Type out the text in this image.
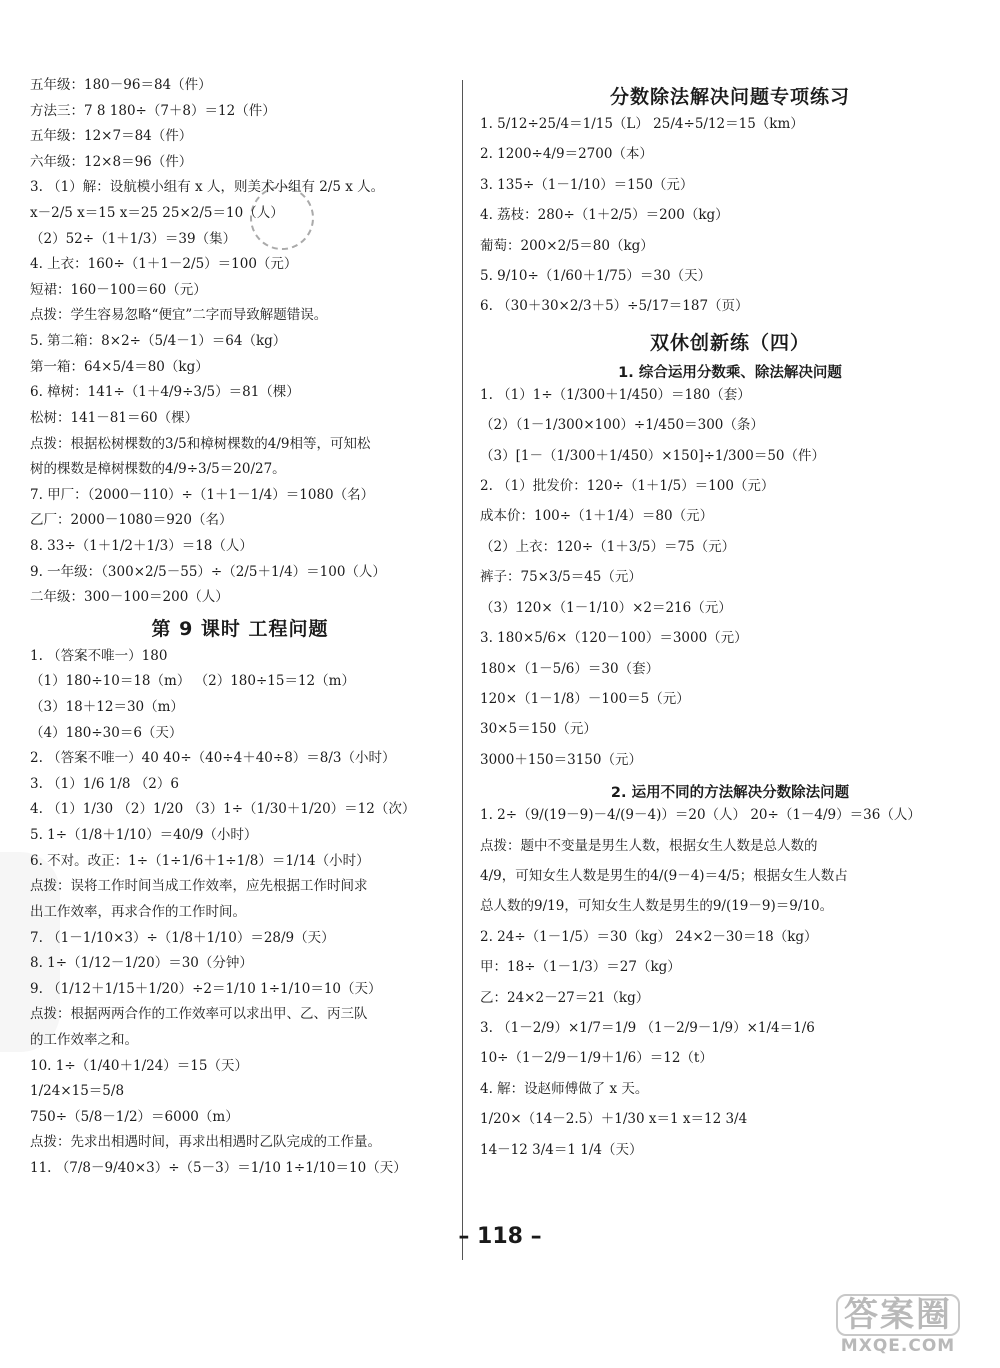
五年级：180－96＝84（件）
方法三：7 8 180÷（7＋8）＝12（件）
五年级：12×7＝84（件）
六年级：12×8＝96（件）
3. （1）解：设航模小组有 x 人，则美术小组有 2/5 x 人。
x－2/5 x＝15 x＝25 25×2/5＝10（人）
（2）52÷（1＋1/3）＝39（集）
4. 上衣：160÷（1＋1－2/5）＝100（元）
短裙：160－100＝60（元）
点拨：学生容易忽略“便宜”二字而导致解题错误。
5. 第二箱：8×2÷（5/4－1）＝64（kg）
第一箱：64×5/4＝80（kg）
6. 樟树：141÷（1＋4/9÷3/5）＝81（棵）
松树：141－81＝60（棵）
点拨：根据松树棵数的3/5和樟树棵数的4/9相等，可知松
树的棵数是樟树棵数的4/9÷3/5＝20/27。
7. 甲厂：（2000－110）÷（1＋1－1/4）＝1080（名）
乙厂：2000－1080＝920（名）
8. 33÷（1＋1/2＋1/3）＝18（人）
9. 一年级：（300×2/5－55）÷（2/5＋1/4）＝100（人）
二年级：300－100＝200（人）
第 9 课时 工程问题
1. （答案不唯一）180
（1）180÷10＝18（m） （2）180÷15＝12（m）
（3）18＋12＝30（m）
（4）180÷30＝6（天）
2. （答案不唯一）40 40÷（40÷4＋40÷8）＝8/3（小时）
3. （1）1/6 1/8 （2）6
4. （1）1/30 （2）1/20 （3）1÷（1/30＋1/20）＝12（次）
5. 1÷（1/8＋1/10）＝40/9（小时）
6. 不对。改正：1÷（1÷1/6＋1÷1/8）＝1/14（小时）
点拨：误将工作时间当成工作效率，应先根据工作时间求
出工作效率，再求合作的工作时间。
7. （1－1/10×3）÷（1/8＋1/10）＝28/9（天）
8. 1÷（1/12－1/20）＝30（分钟）
9. （1/12＋1/15＋1/20）÷2＝1/10 1÷1/10＝10（天）
点拨：根据两两合作的工作效率可以求出甲、乙、丙三队
的工作效率之和。
10. 1÷（1/40＋1/24）＝15（天）
1/24×15＝5/8
750÷（5/8－1/2）＝6000（m）
点拨：先求出相遇时间，再求出相遇时乙队完成的工作量。
11. （7/8－9/40×3）÷（5－3）＝1/10 1÷1/10＝10（天）
分数除法解决问题专项练习
1. 5/12÷25/4＝1/15（L） 25/4÷5/12＝15（km）
2. 1200÷4/9＝2700（本）
3. 135÷（1－1/10）＝150（元）
4. 荔枝：280÷（1＋2/5）＝200（kg）
葡萄：200×2/5＝80（kg）
5. 9/10÷（1/60＋1/75）＝30（天）
6. （30＋30×2/3＋5）÷5/17＝187（页）
双休创新练（四）
1. 综合运用分数乘、除法解决问题
1. （1）1÷（1/300＋1/450）＝180（套）
（2）（1－1/300×100）÷1/450＝300（条）
（3）[1－（1/300＋1/450）×150]÷1/300＝50（件）
2. （1）批发价：120÷（1＋1/5）＝100（元）
成本价：100÷（1＋1/4）＝80（元）
（2）上衣：120÷（1＋3/5）＝75（元）
裤子：75×3/5＝45（元）
（3）120×（1－1/10）×2＝216（元）
3. 180×5/6×（120－100）＝3000（元）
180×（1－5/6）＝30（套）
120×（1－1/8）－100＝5（元）
30×5＝150（元）
3000＋150＝3150（元）
2. 运用不同的方法解决分数除法问题
1. 2÷（9/(19－9)－4/(9－4)）＝20（人） 20÷（1－4/9）＝36（人）
点拨：题中不变量是男生人数，根据女生人数是总人数的
4/9，可知女生人数是男生的4/(9－4)＝4/5；根据女生人数占
总人数的9/19，可知女生人数是男生的9/(19－9)＝9/10。
2. 24÷（1－1/5）＝30（kg） 24×2－30＝18（kg）
甲：18÷（1－1/3）＝27（kg）
乙：24×2－27＝21（kg）
3. （1－2/9）×1/7＝1/9 （1－2/9－1/9）×1/4＝1/6
10÷（1－2/9－1/9＋1/6）＝12（t）
4. 解：设赵师傅做了 x 天。
1/20×（14－2.5）＋1/30 x＝1 x＝12 3/4
14－12 3/4＝1 1/4（天）
– 118 –
答案圈
MXQE.COM
